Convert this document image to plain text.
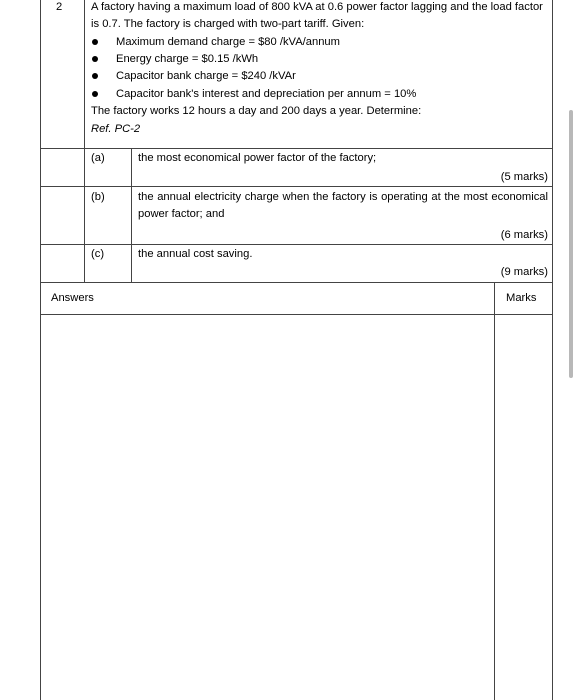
2	A factory having a maximum load of 800 kVA at 0.6 power factor lagging and the load factor is 0.7. The factory is charged with two-part tariff. Given:
Maximum demand charge = $80 /kVA/annum
Energy charge = $0.15 /kWh
Capacitor bank charge = $240 /kVAr
Capacitor bank's interest and depreciation per annum = 10%
The factory works 12 hours a day and 200 days a year. Determine:
Ref. PC-2
(a)	the most economical power factor of the factory;
(5 marks)
(b)	the annual electricity charge when the factory is operating at the most economical power factor; and
(6 marks)
(c)	the annual cost saving.
(9 marks)
Answers	Marks
